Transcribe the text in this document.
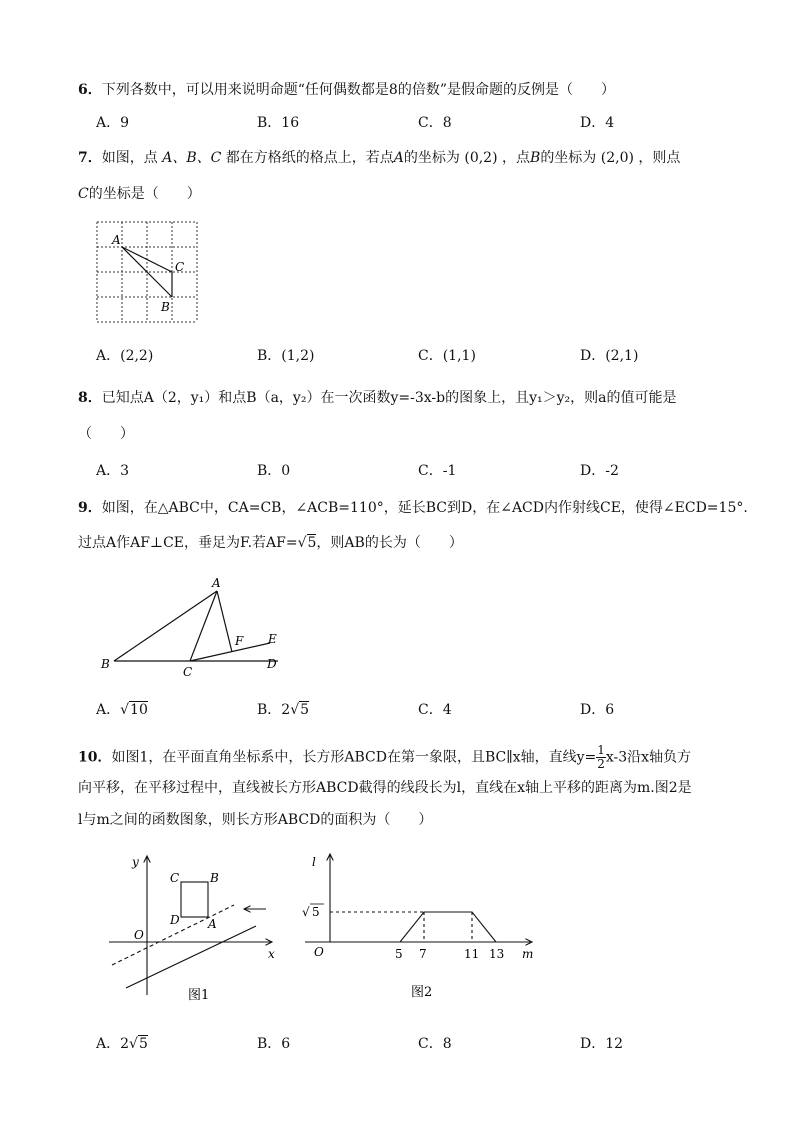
6．下列各数中，可以用来说明命题“任何偶数都是8的倍数”是假命题的反例是（　　）
A．9	B．16	C．8	D．4
7．如图，点 A、B、C 都在方格纸的格点上，若点A的坐标为 (0,2) ，点B的坐标为 (2,0) ，则点
C的坐标是（　　）
A
C
B
A．(2,2)	B．(1,2)	C．(1,1)	D．(2,1)
8．已知点A（2，y₁）和点B（a，y₂）在一次函数y=-3x-b的图象上，且y₁＞y₂，则a的值可能是
（　　）
A．3	B．0	C．-1	D．-2
9．如图，在△ABC中，CA=CB，∠ACB=110°，延长BC到D，在∠ACD内作射线CE，使得∠ECD=15°.
过点A作AF⊥CE，垂足为F.若AF=√5，则AB的长为（　　）
A
B
C
D
F E
A．√10	B．2√5	C．4	D．6
10．如图1，在平面直角坐标系中，长方形ABCD在第一象限，且BC∥x轴，直线$y= \frac{1}{2} x-3$沿x轴负方
向平移，在平移过程中，直线被长方形ABCD截得的线段长为l，直线在x轴上平移的距离为m.图2是
l与m之间的函数图象，则长方形ABCD的面积为（　　）
y
x
O
C	B
D A
图1
l
m
O
√ 5
5 7	11 13
图2
A．2√5	B．6	C．8	D．12
